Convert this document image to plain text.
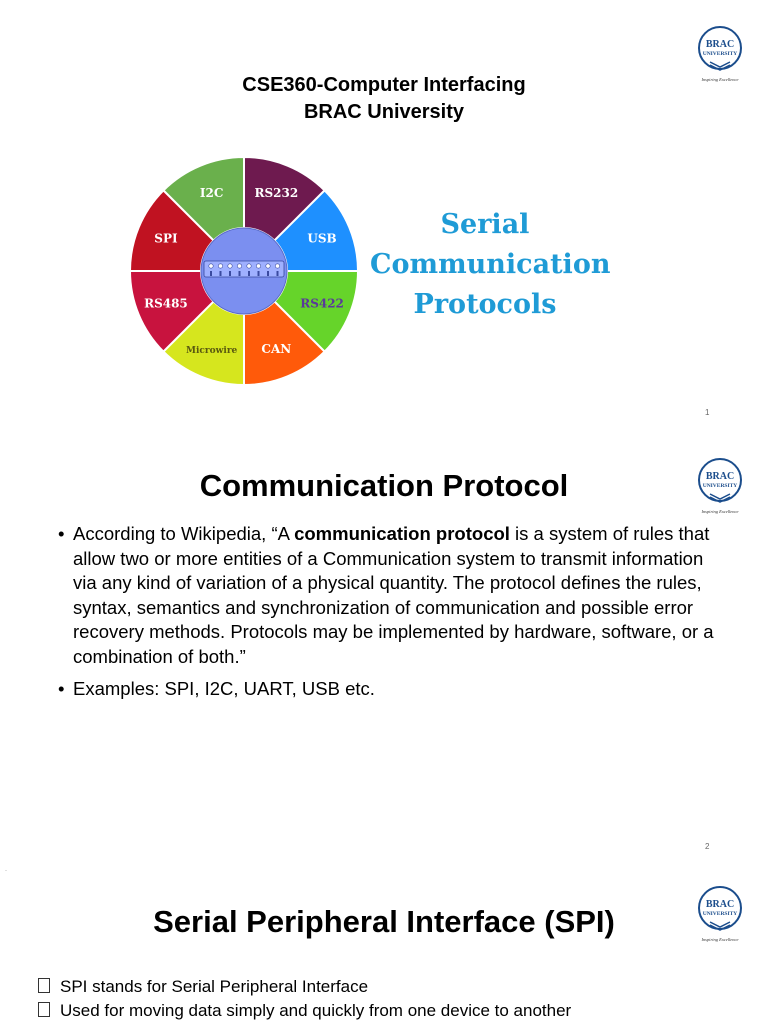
BRAC
UNIVERSITY
Inspiring Excellence
CSE360-Computer Interfacing
BRAC University
I2C	RS232
USB
RS422
CAN
Microwire
RS485
SPI	Serial
Communication
Protocols
1
BRAC
UNIVERSITY
Inspiring Excellence
Communication Protocol
• According to Wikipedia, “A communication protocol is a system of rules that allow two or more entities of a Communication system to transmit information via any kind of variation of a physical quantity. The protocol defines the rules, syntax, semantics and synchronization of communication and possible error recovery methods. Protocols may be implemented by hardware, software, or a combination of both.”
• Examples: SPI, I2C, UART, USB etc.
2
·
BRAC
UNIVERSITY
Inspiring Excellence
Serial Peripheral Interface (SPI)
SPI stands for Serial Peripheral Interface
Used for moving data simply and quickly from one device to another
